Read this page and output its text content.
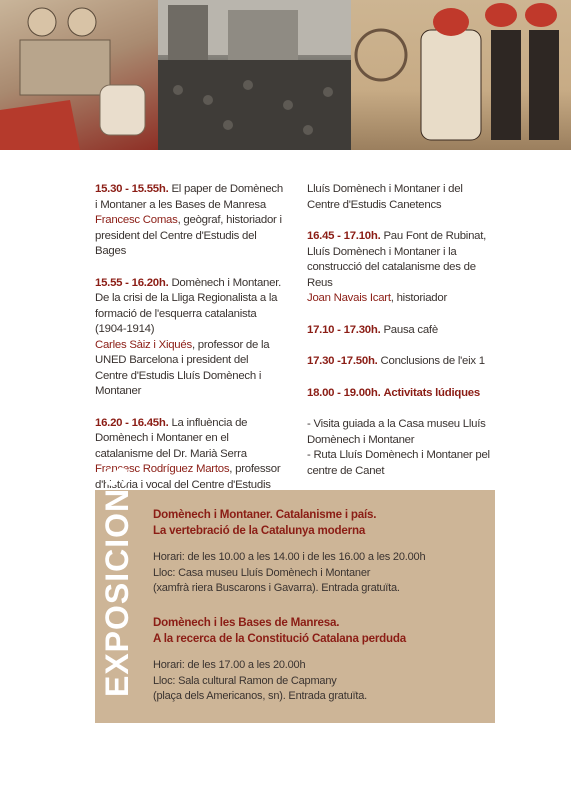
15.30 - 15.55h. El paper de Domènech i Montaner a les Bases de Manresa
Francesc Comas, geògraf, historiador i president del Centre d'Estudis del Bages
15.55 - 16.20h. Domènech i Montaner. De la crisi de la Lliga Regionalista a la formació de l'esquerra catalanista (1904-1914)
Carles Sàiz i Xiqués, professor de la UNED Barcelona i president del Centre d'Estudis Lluís Domènech i Montaner
16.20 - 16.45h. La influència de Domènech i Montaner en el catalanisme del Dr. Marià Serra
Francesc Rodríguez Martos, professor d'història i vocal del Centre d'Estudis
Lluís Domènech i Montaner i del Centre d'Estudis Canetencs
16.45 - 17.10h. Pau Font de Rubinat, Lluís Domènech i Montaner i la construcció del catalanisme des de Reus
Joan Navais Icart, historiador
17.10 - 17.30h. Pausa cafè
17.30 -17.50h. Conclusions de l'eix 1
18.00 - 19.00h. Activitats lúdiques
- Visita guiada a la Casa museu Lluís Domènech i Montaner
- Ruta Lluís Domènech i Montaner pel centre de Canet
EXPOSICIONS Domènech i Montaner. Catalanisme i país.
La vertebració de la Catalunya moderna
Horari: de les 10.00 a les 14.00 i de les 16.00 a les 20.00h
Lloc: Casa museu Lluís Domènech i Montaner
(xamfrà riera Buscarons i Gavarra). Entrada gratuïta.
Domènech i les Bases de Manresa.
A la recerca de la Constitució Catalana perduda
Horari: de les 17.00 a les 20.00h
Lloc: Sala cultural Ramon de Capmany
(plaça dels Americanos, sn). Entrada gratuïta.
